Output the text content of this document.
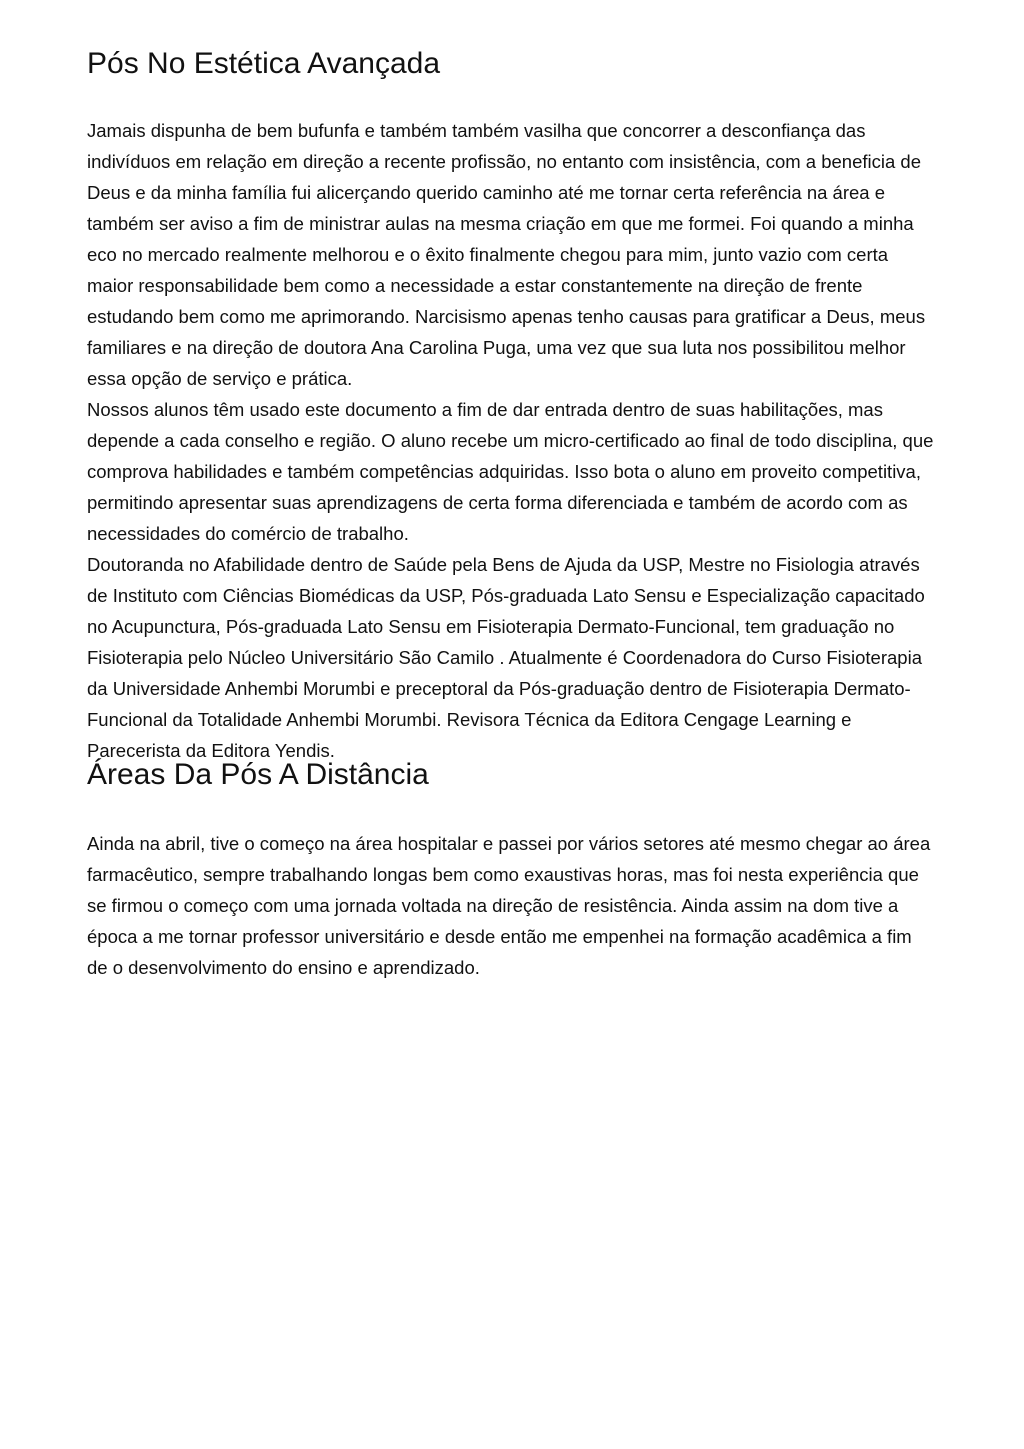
Pós No Estética Avançada

Jamais dispunha de bem bufunfa e também também vasilha que concorrer a desconfiança das indivíduos em relação em direção a recente profissão, no entanto com insistência, com a beneficia de Deus e da minha família fui alicerçando querido caminho até me tornar certa referência na área e também ser aviso a fim de ministrar aulas na mesma criação em que me formei. Foi quando a minha eco no mercado realmente melhorou e o êxito finalmente chegou para mim, junto vazio com certa maior responsabilidade bem como a necessidade a estar constantemente na direção de frente estudando bem como me aprimorando. Narcisismo apenas tenho causas para gratificar a Deus, meus familiares e na direção de doutora Ana Carolina Puga, uma vez que sua luta nos possibilitou melhor essa opção de serviço e prática.

Nossos alunos têm usado este documento a fim de dar entrada dentro de suas habilitações, mas depende a cada conselho e região. O aluno recebe um micro-certificado ao final de todo disciplina, que comprova habilidades e também competências adquiridas. Isso bota o aluno em proveito competitiva, permitindo apresentar suas aprendizagens de certa forma diferenciada e também de acordo com as necessidades do comércio de trabalho.

Doutoranda no Afabilidade dentro de Saúde pela Bens de Ajuda da USP, Mestre no Fisiologia através de Instituto com Ciências Biomédicas da USP, Pós-graduada Lato Sensu e Especialização capacitado no Acupunctura, Pós-graduada Lato Sensu em Fisioterapia Dermato-Funcional, tem graduação no Fisioterapia pelo Núcleo Universitário São Camilo . Atualmente é Coordenadora do Curso Fisioterapia da Universidade Anhembi Morumbi e preceptoral da Pós-graduação dentro de Fisioterapia Dermato-Funcional da Totalidade Anhembi Morumbi. Revisora Técnica da Editora Cengage Learning e Parecerista da Editora Yendis.

Áreas Da Pós A Distância

Ainda na abril, tive o começo na área hospitalar e passei por vários setores até mesmo chegar ao área farmacêutico, sempre trabalhando longas bem como exaustivas horas, mas foi nesta experiência que se firmou o começo com uma jornada voltada na direção de resistência. Ainda assim na dom tive a época a me tornar professor universitário e desde então me empenhei na formação acadêmica a fim de o desenvolvimento do ensino e aprendizado.
